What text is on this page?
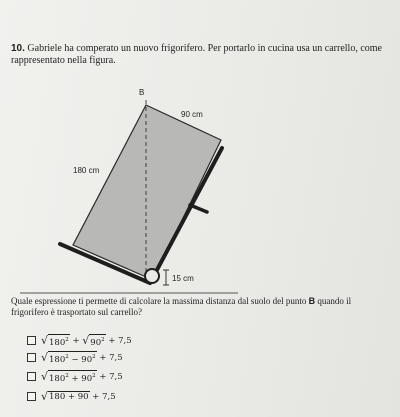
10. Gabriele ha comperato un nuovo frigorifero. Per portarlo in cucina usa un carrello, come
rappresentato nella figura.
B
90 cm
180 cm
15 cm
Quale espressione ti permette di calcolare la massima distanza dal suolo del punto B quando il
frigorifero è trasportato sul carrello?
√ $180^2$
+
√ $90^2$
+ 7,5
√ $180^2 - 90^2$
+ 7,5
√ $180^2 + 90^2$
+ 7,5
√ 180 + 90
+ 7,5
